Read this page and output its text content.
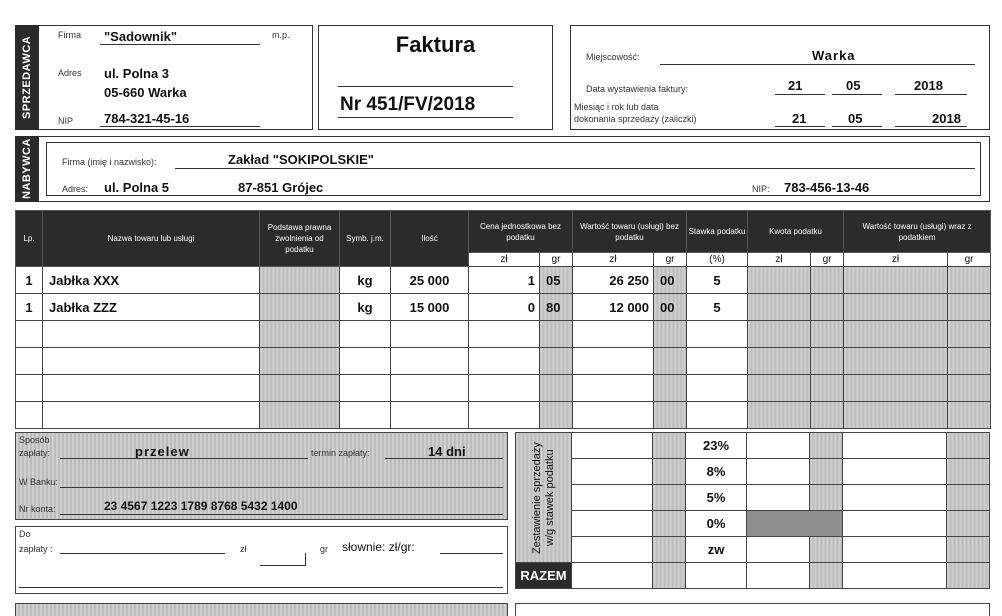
SPRZEDAWCA
Firma "Sadownik"	m.p.
Adres ul. Polna 3
05-660 Warka
NIP 784-321-45-16
Faktura
Nr 451/FV/2018
Miejscowość:	Warka
Data wystawienia faktury:	21	05	2018
Miesiąc i rok lub data
dokonania sprzedaży (zaliczki)	21	05	2018
NABYWCA	Firma (imię i nazwisko):	Zakład "SOKIPOLSKIE"
Adres: ul. Polna 5	87-851 Grójec	NIP: 783-456-13-46
Lp.	Nazwa towaru lub usługi	Podstawa prawna zwolnienia od podatku	Symb. j.m.	Ilość	Cena jednostkowa bez podatku		Wartość towaru (usługi) bez podatku		Stawka podatku	Kwota podatku		Wartość towaru (usługi) wraz z podatkiem	
					zł	gr	zł	gr	(%)	zł	gr	zł	gr
1	Jabłka XXX		kg	25 000	1	05	26 250	00	5				
1	Jabłka ZZZ		kg	15 000	0	80	12 000	00	5				

Sposób
zapłaty:	przelew	termin zapłaty:	14 dni
W Banku:
Nr konta:	23 4567 1223 1789 8768 5432 1400
Do
zapłaty :	zł	gr słownie: zł/gr:	Zestawienie sprzedaży w/g stawek podatku			23%				
			8%				
			5%				
			0%				
			zw				
RAZEM							
